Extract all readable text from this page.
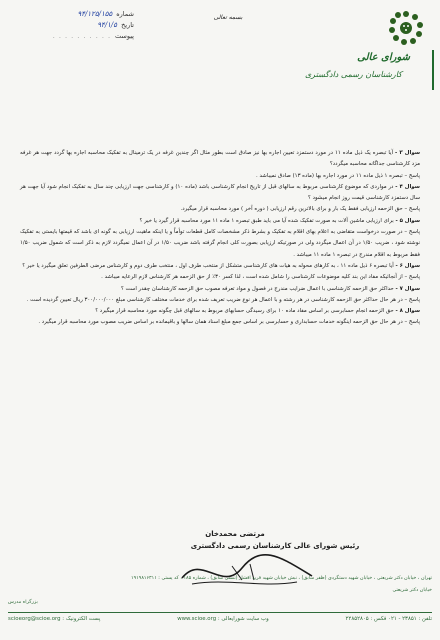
شماره
۹۴/۱۲۵/۱۵۵
تاریخ
۹۴/۱/۵
پیوست
. . . . . . . . . .
بسمه تعالی
شورای عالی
کارشناسان رسمی دادگستری

سوال ۳ - آیا تبصره یک ذیل ماده ۱۱ در مورد دستمزد تعیین اجاره بها نیز صادق است بطور مثال اگر چندین غرفه در یک ترمینال به تفکیک محاسبه اجاره بها گردد جهت هر غرفه مزد کارشناسی جداگانه محاسبه میگردد؟

پاسخ – تبصره ۱ ذیل ماده ۱۱ در مورد اجاره بها (ماده ۱۳) صادق نمیباشد .

سوال ۴ - در مواردی که موضوع کارشناسی مربوط به سالهای قبل از تاریخ انجام کارشناسی باشد (ماده ۱۰) و کارشناسی جهت ارزیابی چند سال به تفکیک انجام شود آیا جهت هر سال دستمزد کارشناسی قیمت روز انجام میشود ؟

پاسخ – حق الزحمه ارزیابی فقط یک بار و برای بالاترین رقم ارزیابی ( دوره آخر ) مورد محاسبه قرار میگیرد.

سوال ۵ - برای ارزیابی ماشین آلات به صورت تفکیک شده آیا می باید طبق تبصره ۱ ماده ۱۱ مورد محاسبه قرار گیرد یا خیر ؟

پاسخ – در صورت درخواست متقاضی به اعلام بهای اقلام به تفکیک و بشرط ذکر مشخصات کامل قطعات توأماً و یا اینکه ماهیت ارزیابی به گونه ای باشد که قیمتها بایستی به تفکیک نوشته شود ، ضریب ۱/۵۰ در آن اعمال میگردد ولی در صورتیکه ارزیابی بصورت کلی انجام گرفته باشد ضریب ۱/۵۰ در آن اعمال نمیگردد لازم به ذکر است که شمول ضریب ۱/۵۰ فقط مربوط به اقلام مندرج در تبصره ۱ ماده ۱۱ میباشد .

سوال ۶ - آیا تبصره ۶ ذیل ماده ۱۱ ، به کارهای محوله به هیات های کارشناسی متشکل از منتخب طرف اول ، منتخب طرف دوم و کارشناس مرضی الطرفین تعلق میگیرد یا خیر ؟

پاسخ – از آنجائیکه مفاد این بند کلیه موضوعات کارشناسی را شامل شده است ، لذا کسر ۳۰٪ از حق الزحمه هر کارشناس لازم الرعایه میباشد .

سوال ۷ - حداکثر حق الزحمه کارشناسی با اعمال ضرایب مندرج در فصول و مواد تعرفه مصوب حق الزحمه کارشناسان چقدر است ؟

پاسخ – در هر حال حداکثر حق الزحمه کارشناسی در هر رشته و با اعمال هر نوع ضریب تعریف شده برای خدمات مختلف کارشناسی مبلغ ۳۰۰/۰۰۰/۰۰۰ ریال تعیین گردیده است .

سوال ۸ - حق الزحمه انجام حسابرسی بر اساس مفاد ماده ۱۰ برای رسیدگی حسابهای مربوط به سالهای قبل چگونه مورد محاسبه قرار میگیرد ؟

پاسخ – در هر حال حق الزحمه اینگونه خدمات حسابداری و حسابرسی بر اساس جمع مبلغ اسناد همان سالها و باقیمانده بر اساس ضریب مصوب مورد محاسبه قرار میگیرد .

مرتضی محمدخان
رئیس شورای عالی کارشناسان رسمی دادگستری
خیابان دکتر شریعتی
تهران ، خیابان دکتر شریعتی ، خیابان شهید دستگردی (ظفر سابق) ، نبش خیابان شهید فرید افشار (تنسی سابق) ، شماره ۱۸۵ ، کد پستی : ۱۹۱۹۸۱۶۳۱۱
بزرگراه مدرس
تلفن : ۲۳۸۵۱ - ۰۲۱ فکس : ۲۲۸۵۲۸۰۵
وب سایت شورایعالی : www.scioe.org
پست الکترونیک : scioeorg@scioe.org
